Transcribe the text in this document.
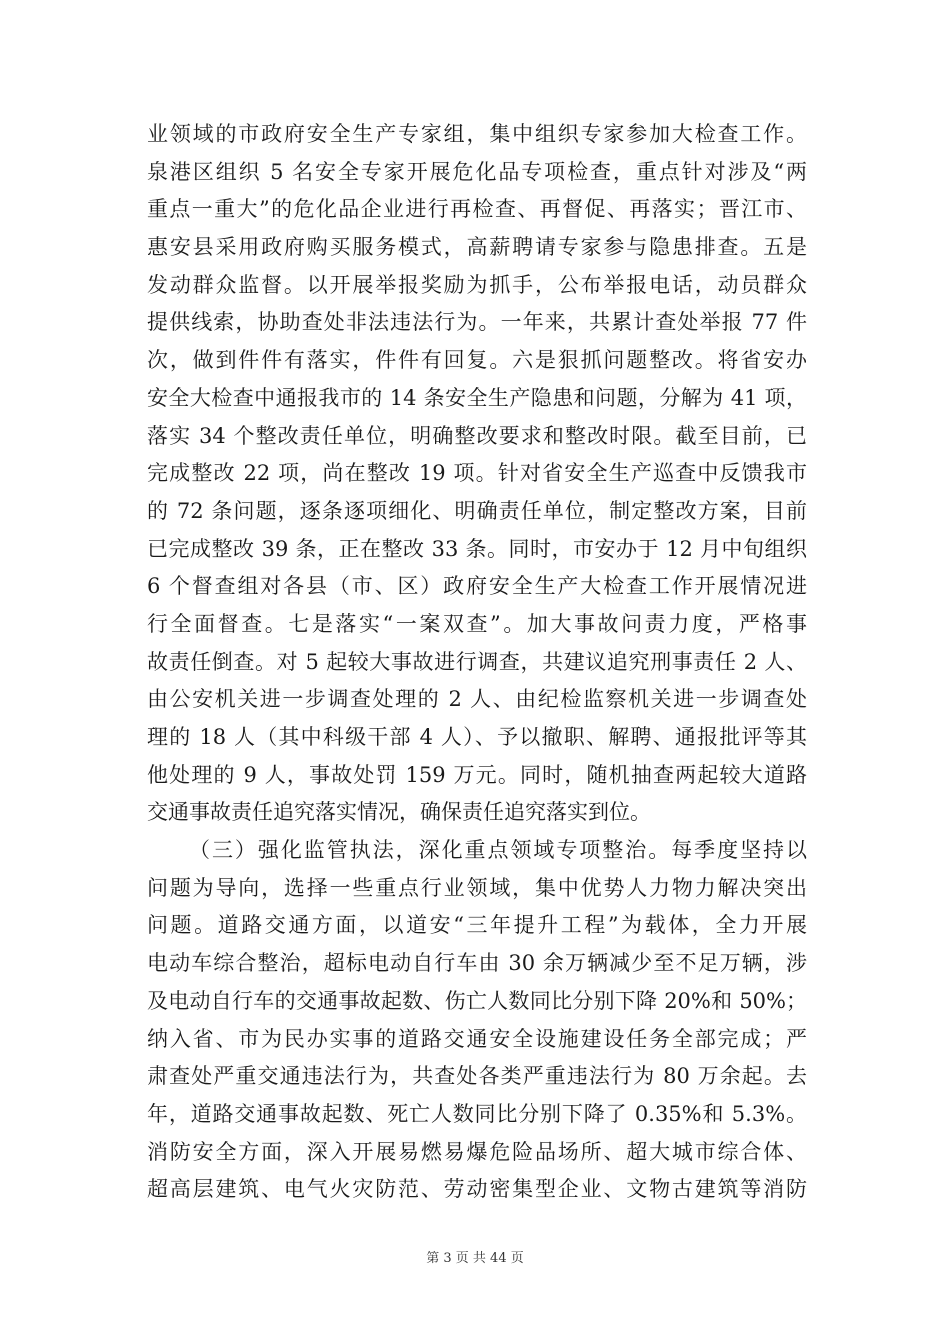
业领域的市政府安全生产专家组，集中组织专家参加大检查工作。
泉港区组织 5 名安全专家开展危化品专项检查，重点针对涉及“两
重点一重大”的危化品企业进行再检查、再督促、再落实；晋江市、
惠安县采用政府购买服务模式，高薪聘请专家参与隐患排查。五是
发动群众监督。以开展举报奖励为抓手，公布举报电话，动员群众
提供线索，协助查处非法违法行为。一年来，共累计查处举报 77 件
次，做到件件有落实，件件有回复。六是狠抓问题整改。将省安办
安全大检查中通报我市的 14 条安全生产隐患和问题，分解为 41 项，
落实 34 个整改责任单位，明确整改要求和整改时限。截至目前，已
完成整改 22 项，尚在整改 19 项。针对省安全生产巡查中反馈我市
的 72 条问题，逐条逐项细化、明确责任单位，制定整改方案，目前
已完成整改 39 条，正在整改 33 条。同时，市安办于 12 月中旬组织
6 个督查组对各县（市、区）政府安全生产大检查工作开展情况进
行全面督查。七是落实“一案双查”。加大事故问责力度，严格事
故责任倒查。对 5 起较大事故进行调查，共建议追究刑事责任 2 人、
由公安机关进一步调查处理的 2 人、由纪检监察机关进一步调查处
理的 18 人（其中科级干部 4 人）、予以撤职、解聘、通报批评等其
他处理的 9 人，事故处罚 159 万元。同时，随机抽查两起较大道路
交通事故责任追究落实情况，确保责任追究落实到位。
（三）强化监管执法，深化重点领域专项整治。每季度坚持以
问题为导向，选择一些重点行业领域，集中优势人力物力解决突出
问题。道路交通方面，以道安“三年提升工程”为载体，全力开展
电动车综合整治，超标电动自行车由 30 余万辆减少至不足万辆，涉
及电动自行车的交通事故起数、伤亡人数同比分别下降 20%和 50%；
纳入省、市为民办实事的道路交通安全设施建设任务全部完成；严
肃查处严重交通违法行为，共查处各类严重违法行为 80 万余起。去
年，道路交通事故起数、死亡人数同比分别下降了 0.35%和 5.3%。
消防安全方面，深入开展易燃易爆危险品场所、超大城市综合体、
超高层建筑、电气火灾防范、劳动密集型企业、文物古建筑等消防
第 3 页 共 44 页
